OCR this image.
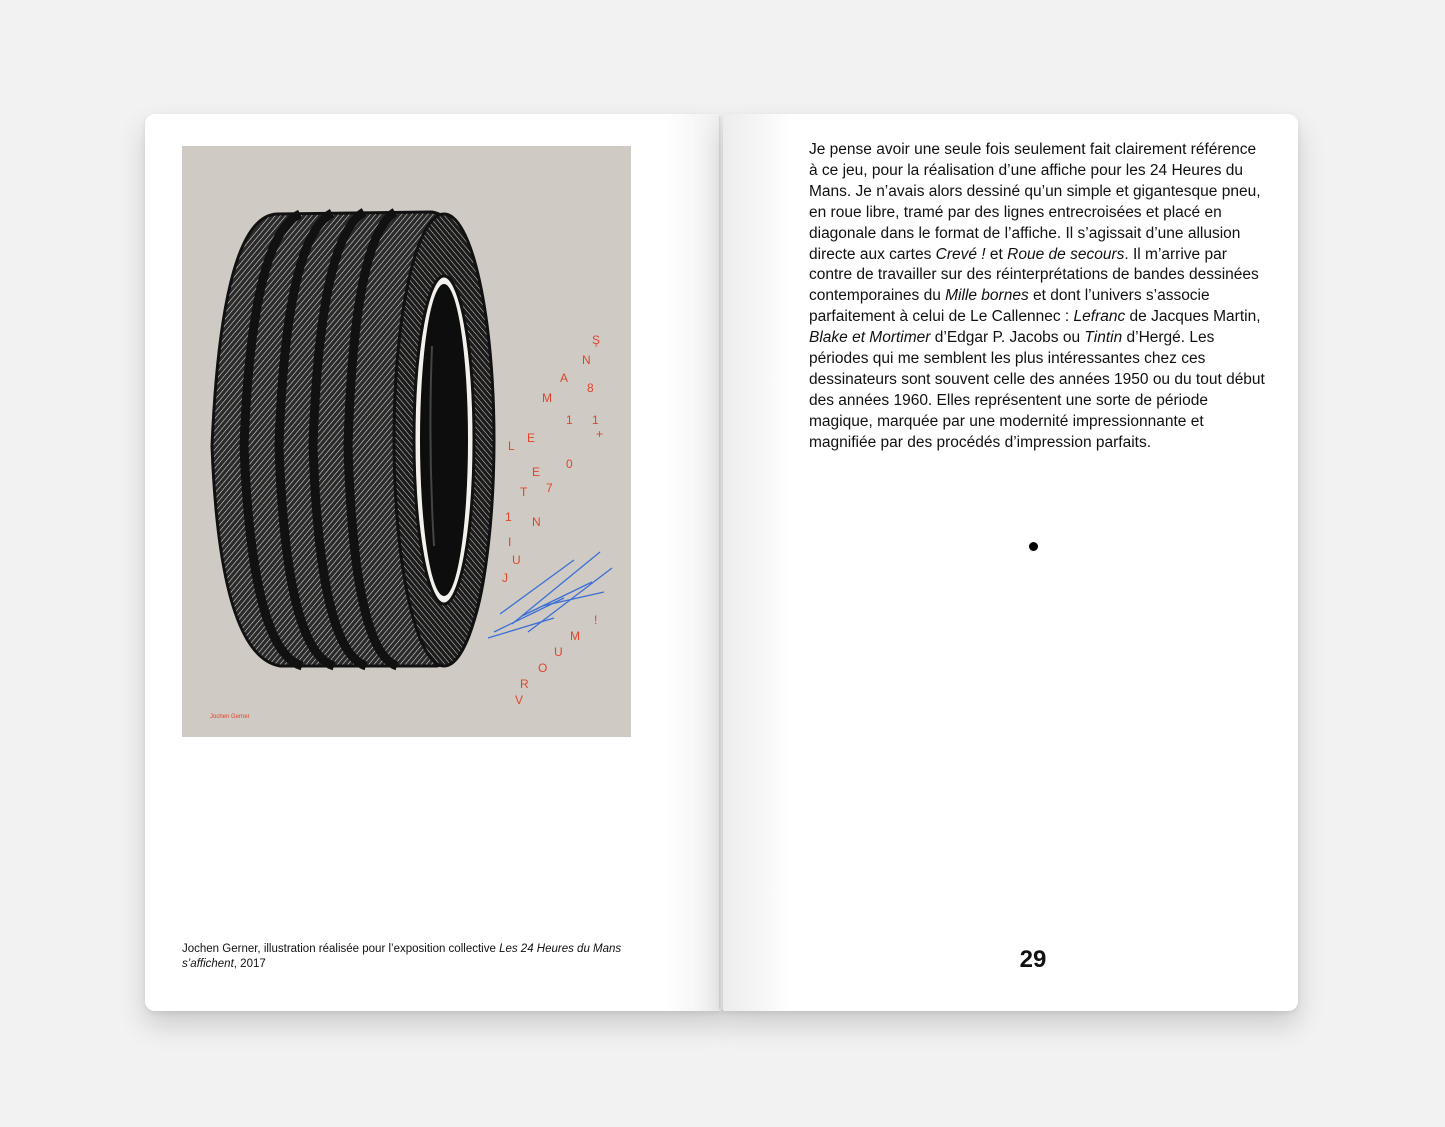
Ş
N
A
M
8
1 1
+
L
E
0
E
7
T
1 N
I
U
J
!
M
U
O
R
V
Jochen Gerner
Jochen Gerner, illustration réalisée pour l’exposition collective Les 24 Heures du Mans s’affichent, 2017

Je pense avoir une seule fois seulement fait clairement référence à ce jeu, pour la réalisation d’une affiche pour les 24 Heures du Mans. Je n’avais alors dessiné qu’un simple et gigantesque pneu, en roue libre, tramé par des lignes entrecroisées et placé en diagonale dans le format de l’affiche. Il s’agissait d’une allusion directe aux cartes Crevé ! et Roue de secours. Il m’arrive par contre de travailler sur des réinterprétations de bandes dessinées contemporaines du Mille bornes et dont l’univers s’associe parfaitement à celui de Le Callennec : Lefranc de Jacques Martin, Blake et Mortimer d’Edgar P. Jacobs ou Tintin d’Hergé. Les périodes qui me semblent les plus intéressantes chez ces dessinateurs sont souvent celle des années 1950 ou du tout début des années 1960. Elles représentent une sorte de période magique, marquée par une modernité impressionnante et magnifiée par des procédés d’impression parfaits.

29
